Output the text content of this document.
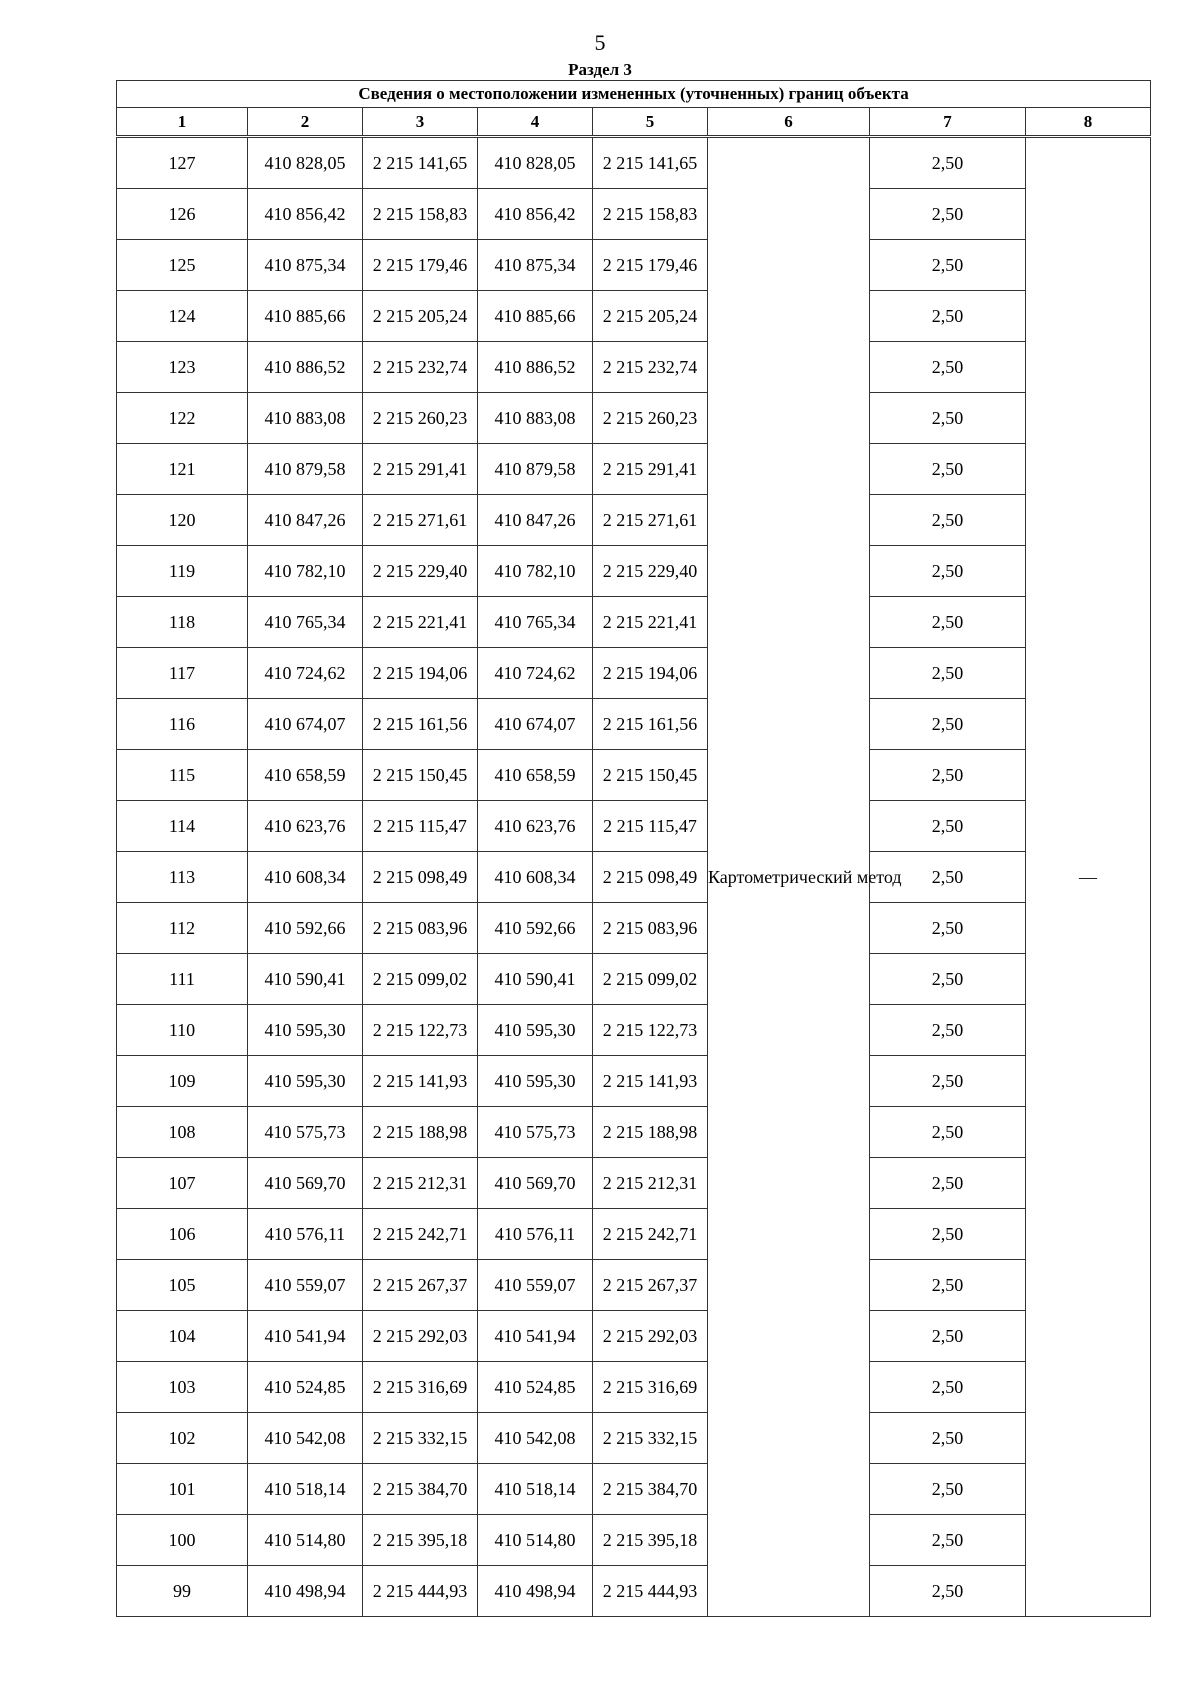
5
Раздел 3
Сведения о местоположении измененных (уточненных) границ объекта							
1	2	3	4	5	6	7	8
127	410 828,05	2 215 141,65	410 828,05	2 215 141,65	Картометрический метод	2,50	—
126	410 856,42	2 215 158,83	410 856,42	2 215 158,83		2,50	
125	410 875,34	2 215 179,46	410 875,34	2 215 179,46		2,50	
124	410 885,66	2 215 205,24	410 885,66	2 215 205,24		2,50	
123	410 886,52	2 215 232,74	410 886,52	2 215 232,74		2,50	
122	410 883,08	2 215 260,23	410 883,08	2 215 260,23		2,50	
121	410 879,58	2 215 291,41	410 879,58	2 215 291,41		2,50	
120	410 847,26	2 215 271,61	410 847,26	2 215 271,61		2,50	
119	410 782,10	2 215 229,40	410 782,10	2 215 229,40		2,50	
118	410 765,34	2 215 221,41	410 765,34	2 215 221,41		2,50	
117	410 724,62	2 215 194,06	410 724,62	2 215 194,06		2,50	
116	410 674,07	2 215 161,56	410 674,07	2 215 161,56		2,50	
115	410 658,59	2 215 150,45	410 658,59	2 215 150,45		2,50	
114	410 623,76	2 215 115,47	410 623,76	2 215 115,47		2,50	
113	410 608,34	2 215 098,49	410 608,34	2 215 098,49		2,50	
112	410 592,66	2 215 083,96	410 592,66	2 215 083,96		2,50	
111	410 590,41	2 215 099,02	410 590,41	2 215 099,02		2,50	
110	410 595,30	2 215 122,73	410 595,30	2 215 122,73		2,50	
109	410 595,30	2 215 141,93	410 595,30	2 215 141,93		2,50	
108	410 575,73	2 215 188,98	410 575,73	2 215 188,98		2,50	
107	410 569,70	2 215 212,31	410 569,70	2 215 212,31		2,50	
106	410 576,11	2 215 242,71	410 576,11	2 215 242,71		2,50	
105	410 559,07	2 215 267,37	410 559,07	2 215 267,37		2,50	
104	410 541,94	2 215 292,03	410 541,94	2 215 292,03		2,50	
103	410 524,85	2 215 316,69	410 524,85	2 215 316,69		2,50	
102	410 542,08	2 215 332,15	410 542,08	2 215 332,15		2,50	
101	410 518,14	2 215 384,70	410 518,14	2 215 384,70		2,50	
100	410 514,80	2 215 395,18	410 514,80	2 215 395,18		2,50	
99	410 498,94	2 215 444,93	410 498,94	2 215 444,93		2,50	
